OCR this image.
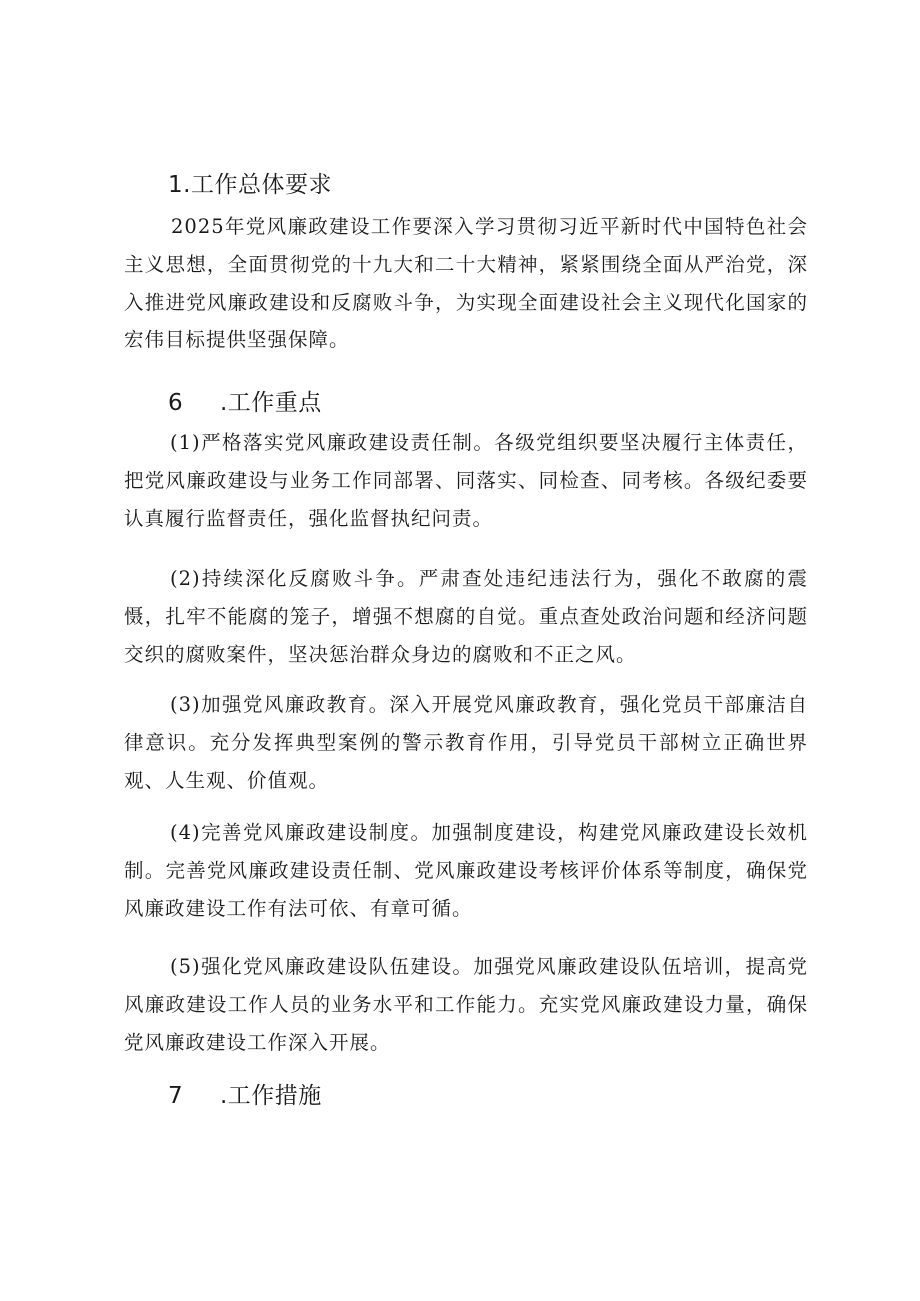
1.工作总体要求

2025年党风廉政建设工作要深入学习贯彻习近平新时代中国特色社会主义思想，全面贯彻党的十九大和二十大精神，紧紧围绕全面从严治党，深入推进党风廉政建设和反腐败斗争，为实现全面建设社会主义现代化国家的宏伟目标提供坚强保障。

6 .工作重点

(1)严格落实党风廉政建设责任制。各级党组织要坚决履行主体责任，把党风廉政建设与业务工作同部署、同落实、同检查、同考核。各级纪委要认真履行监督责任，强化监督执纪问责。

(2)持续深化反腐败斗争。严肃查处违纪违法行为，强化不敢腐的震慑，扎牢不能腐的笼子，增强不想腐的自觉。重点查处政治问题和经济问题交织的腐败案件，坚决惩治群众身边的腐败和不正之风。

(3)加强党风廉政教育。深入开展党风廉政教育，强化党员干部廉洁自律意识。充分发挥典型案例的警示教育作用，引导党员干部树立正确世界观、人生观、价值观。

(4)完善党风廉政建设制度。加强制度建设，构建党风廉政建设长效机制。完善党风廉政建设责任制、党风廉政建设考核评价体系等制度，确保党风廉政建设工作有法可依、有章可循。

(5)强化党风廉政建设队伍建设。加强党风廉政建设队伍培训，提高党风廉政建设工作人员的业务水平和工作能力。充实党风廉政建设力量，确保党风廉政建设工作深入开展。

7 .工作措施
